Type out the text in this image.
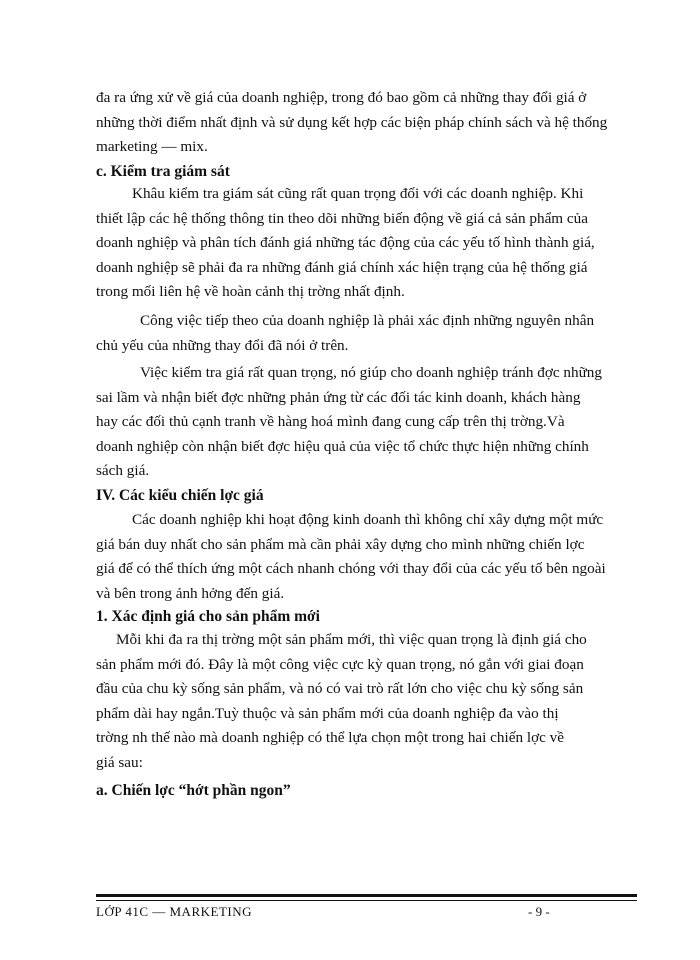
đa ra ứng xử về giá của doanh nghiệp, trong đó bao gồm cả những thay đổi giá ở
những thời điểm nhất định và sử dụng kết hợp các biện pháp chính sách và hệ thống
marketing — mix.
c. Kiểm tra giám sát
Khâu kiểm tra giám sát cũng rất quan trọng đối với các doanh nghiệp. Khi
thiết lập các hệ thống thông tin theo dõi những biến động về giá cả sản phẩm của
doanh nghiệp và phân tích đánh giá những tác động của các yếu tố hình thành giá,
doanh nghiệp sẽ phải đa ra những đánh giá chính xác hiện trạng của hệ thống giá
trong mối liên hệ về hoàn cảnh thị trờng nhất định.
Công việc tiếp theo của doanh nghiệp là phải xác định những nguyên nhân
chủ yếu của những thay đổi đã nói ở trên.
Việc kiểm tra giá rất quan trọng, nó giúp cho doanh nghiệp tránh đợc những
sai lầm và nhận biết đợc những phản ứng từ các đối tác kinh doanh, khách hàng
hay các đối thủ cạnh tranh về hàng hoá mình đang cung cấp trên thị trờng.Và
doanh nghiệp còn nhận biết đợc hiệu quả của việc tổ chức thực hiện những chính
sách giá.
IV. Các kiểu chiến lợc giá
Các doanh nghiệp khi hoạt động kinh doanh thì không chỉ xây dựng một mức
giá bán duy nhất cho sản phẩm mà cần phải xây dựng cho mình những chiến lợc
giá để có thể thích ứng một cách nhanh chóng với thay đổi của các yếu tố bên ngoài
và bên trong ảnh hởng đến giá.
1. Xác định giá cho sản phẩm mới
Mỗi khi đa ra thị trờng một sản phẩm mới, thì việc quan trọng là định giá cho
sản phẩm mới đó. Đây là một công việc cực kỳ quan trọng, nó gắn với giai đoạn
đầu của chu kỳ sống sản phẩm, và nó có vai trò rất lớn cho việc chu kỳ sống sản
phẩm dài hay ngắn.Tuỳ thuộc và sản phẩm mới của doanh nghiệp đa vào thị
trờng nh thế nào mà doanh nghiệp có thể lựa chọn một trong hai chiến lợc về
giá sau:
a. Chiến lợc “hớt phần ngon”
LỚP 41C — MARKETING	- 9 -
